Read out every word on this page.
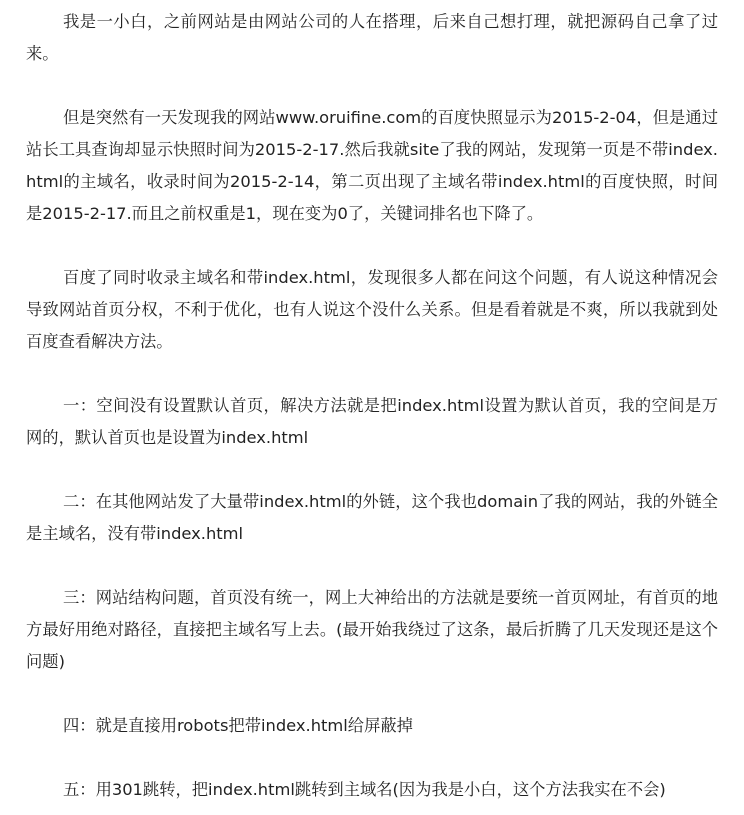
我是一小白，之前网站是由网站公司的人在搭理，后来自己想打理，就把源码自己拿了过来。

但是突然有一天发现我的网站www.oruifine.com的百度快照显示为2015-2-04，但是通过站长工具查询却显示快照时间为2015-2-17.然后我就site了我的网站，发现第一页是不带index.html的主域名，收录时间为2015-2-14，第二页出现了主域名带index.html的百度快照，时间是2015-2-17.而且之前权重是1，现在变为0了，关键词排名也下降了。

百度了同时收录主域名和带index.html，发现很多人都在问这个问题，有人说这种情况会导致网站首页分权，不利于优化，也有人说这个没什么关系。但是看着就是不爽，所以我就到处百度查看解决方法。

一：空间没有设置默认首页，解决方法就是把index.html设置为默认首页，我的空间是万网的，默认首页也是设置为index.html

二：在其他网站发了大量带index.html的外链，这个我也domain了我的网站，我的外链全是主域名，没有带index.html

三：网站结构问题，首页没有统一，网上大神给出的方法就是要统一首页网址，有首页的地方最好用绝对路径，直接把主域名写上去。(最开始我绕过了这条，最后折腾了几天发现还是这个问题)

四：就是直接用robots把带index.html给屏蔽掉

五：用301跳转，把index.html跳转到主域名(因为我是小白，这个方法我实在不会)
